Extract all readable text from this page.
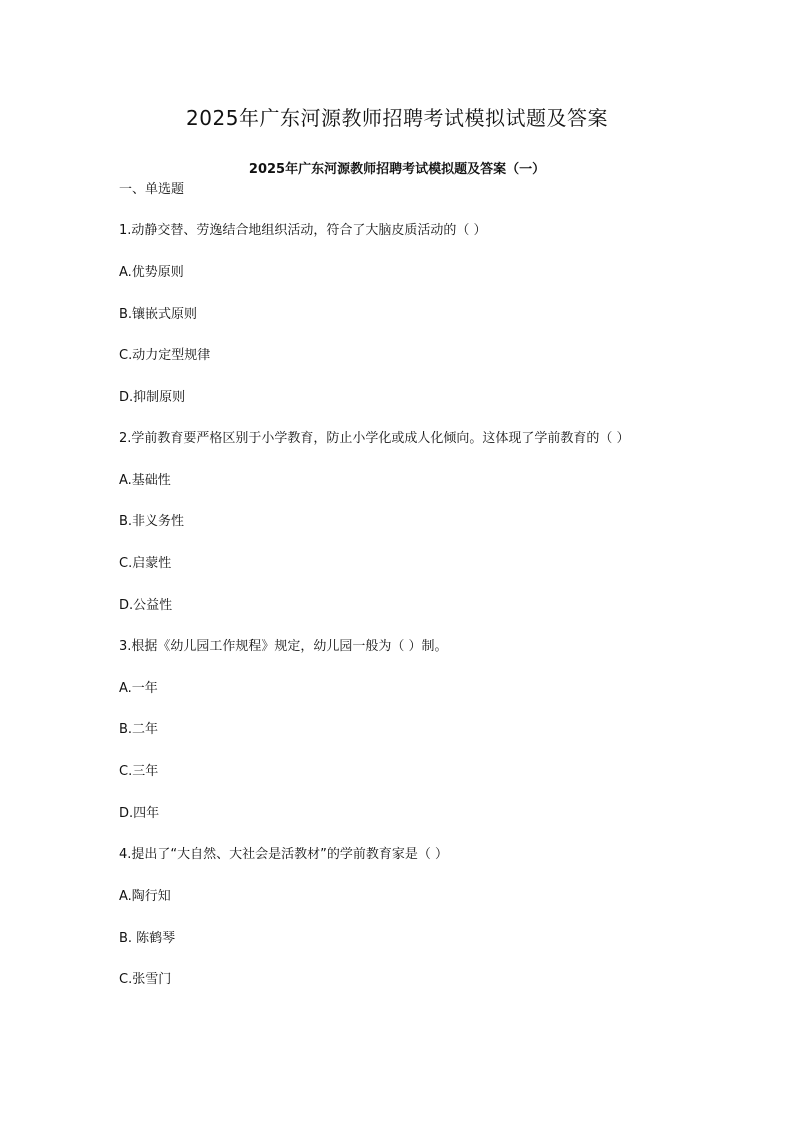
2025年广东河源教师招聘考试模拟试题及答案
2025年广东河源教师招聘考试模拟题及答案（一）

一、单选题

1.动静交替、劳逸结合地组织活动，符合了大脑皮质活动的（ ）

A.优势原则

B.镶嵌式原则

C.动力定型规律

D.抑制原则

2.学前教育要严格区别于小学教育，防止小学化或成人化倾向。这体现了学前教育的（ ）

A.基础性

B.非义务性

C.启蒙性

D.公益性

3.根据《幼儿园工作规程》规定，幼儿园一般为（ ）制。

A.一年

B.二年

C.三年

D.四年

4.提出了“大自然、大社会是活教材”的学前教育家是（ ）

A.陶行知

B. 陈鹤琴

C.张雪门
